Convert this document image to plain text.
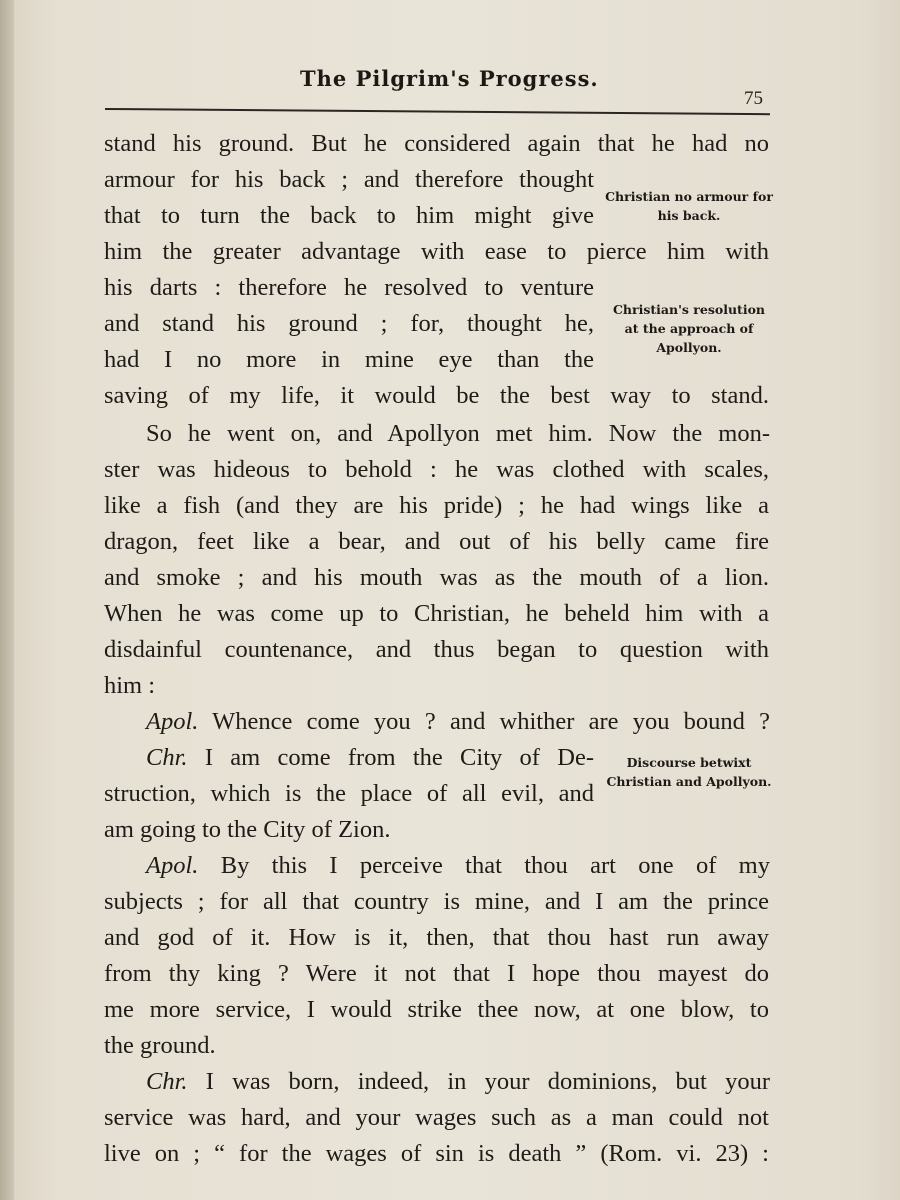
The Pilgrim's Progress.
75
Christian no armour for his back.
Christian's resolution at the approach of Apollyon.
Discourse betwixt Christian and Apollyon.
stand his ground. But he considered again that he had no
armour for his back ; and therefore thought
that to turn the back to him might give
him the greater advantage with ease to pierce him with
his darts : therefore he resolved to venture
and stand his ground ; for, thought he,
had I no more in mine eye than the
saving of my life, it would be the best way to stand.
So he went on, and Apollyon met him. Now the mon-
ster was hideous to behold : he was clothed with scales,
like a fish (and they are his pride) ; he had wings like a
dragon, feet like a bear, and out of his belly came fire
and smoke ; and his mouth was as the mouth of a lion.
When he was come up to Christian, he beheld him with a
disdainful countenance, and thus began to question with
him :
Apol. Whence come you ? and whither are you bound ?
Chr. I am come from the City of De-
struction, which is the place of all evil, and
am going to the City of Zion.
Apol. By this I perceive that thou art one of my
subjects ; for all that country is mine, and I am the prince
and god of it. How is it, then, that thou hast run away
from thy king ? Were it not that I hope thou mayest do
me more service, I would strike thee now, at one blow, to
the ground.
Chr. I was born, indeed, in your dominions, but your
service was hard, and your wages such as a man could not
live on ; “ for the wages of sin is death ” (Rom. vi. 23) :
